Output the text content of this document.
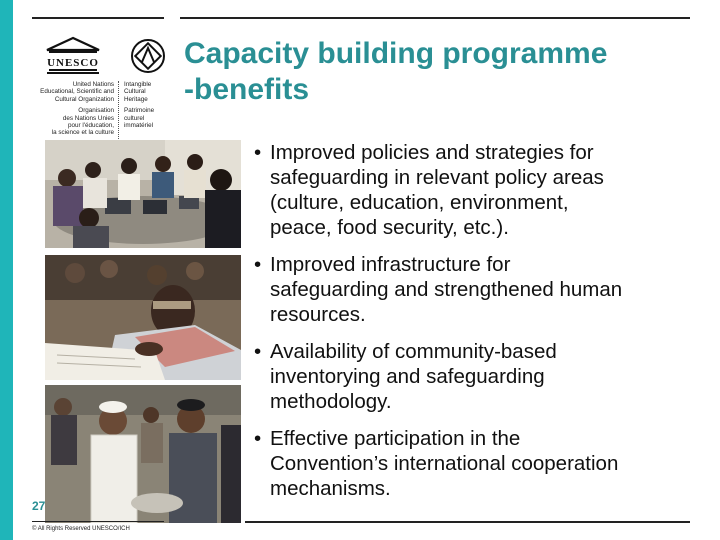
UNESCO
United Nations
Educational, Scientific and
Cultural Organization
Organisation
des Nations Unies
pour l'éducation,
la science et la culture
Intangible
Cultural
Heritage
Patrimoine
culturel
immatériel
Capacity building programme
-benefits
• Improved policies and strategies for
safeguarding in relevant policy areas
(culture, education, environment,
peace, food security, etc.).
• Improved infrastructure for
safeguarding and strengthened human
resources.
• Availability of community-based
inventorying and safeguarding
methodology.
• Effective participation in the
Convention’s international cooperation
mechanisms.
27
© All Rights Reserved UNESCO/ICH
